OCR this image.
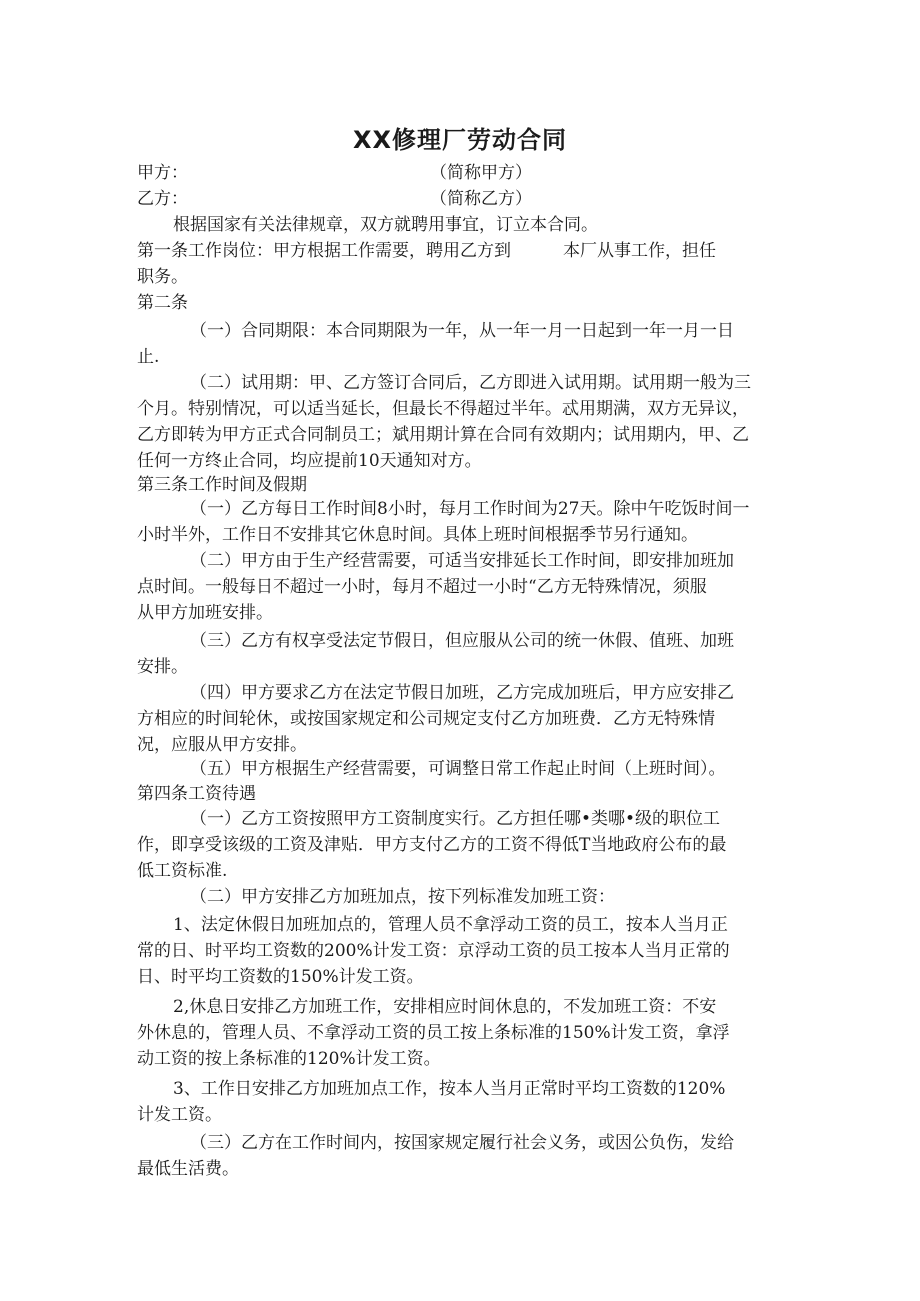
XX修理厂劳动合同
甲方：	（简称甲方）
乙方：	（简称乙方）
根据国家有关法律规章，双方就聘用事宜，订立本合同。
第一条工作岗位：甲方根据工作需要，聘用乙方到	本厂从事工作，担任
职务。
第二条
（一）合同期限：本合同期限为一年，从一年一月一日起到一年一月一日
止.
（二）试用期：甲、乙方签订合同后，乙方即进入试用期。试用期一般为三
个月。特别情况，可以适当延长，但最长不得超过半年。忒用期满，双方无异议，
乙方即转为甲方正式合同制员工；斌用期计算在合同有效期内；试用期内，甲、乙
任何一方终止合同，均应提前10天通知对方。
第三条工作时间及假期
（一）乙方每日工作时间8小时，每月工作时间为27天。除中午吃饭时间一
小时半外，工作日不安排其它休息时间。具体上班时间根据季节另行通知。
（二）甲方由于生产经营需要，可适当安排延长工作时间，即安排加班加
点时间。一般每日不超过一小时，每月不超过一小时“乙方无特殊情况，须服
从甲方加班安排。
（三）乙方有权享受法定节假日，但应服从公司的统一休假、值班、加班
安排。
（四）甲方要求乙方在法定节假日加班，乙方完成加班后，甲方应安排乙
方相应的时间轮休，或按国家规定和公司规定支付乙方加班费．乙方无特殊情
况，应服从甲方安排。
（五）甲方根据生产经营需要，可调整日常工作起止时间（上班时间）。
第四条工资待遇
（一）乙方工资按照甲方工资制度实行。乙方担任哪•类哪•级的职位工
作，即享受该级的工资及津贴．甲方支付乙方的工资不得低T当地政府公布的最
低工资标准.
（二）甲方安排乙方加班加点，按下列标准发加班工资：
1、法定休假日加班加点的，管理人员不拿浮动工资的员工，按本人当月正
常的日、时平均工资数的200%计发工资：京浮动工资的员工按本人当月正常的
日、时平均工资数的150%计发工资。
2,休息日安排乙方加班工作，安排相应时间休息的，不发加班工资：不安
外休息的，管理人员、不拿浮动工资的员工按上条标准的150%计发工资，拿浮
动工资的按上条标准的120%计发工资。
3、工作日安排乙方加班加点工作，按本人当月正常时平均工资数的120%
计发工资。
（三）乙方在工作时间内，按国家规定履行社会义务，或因公负伤，发给
最低生活费。
